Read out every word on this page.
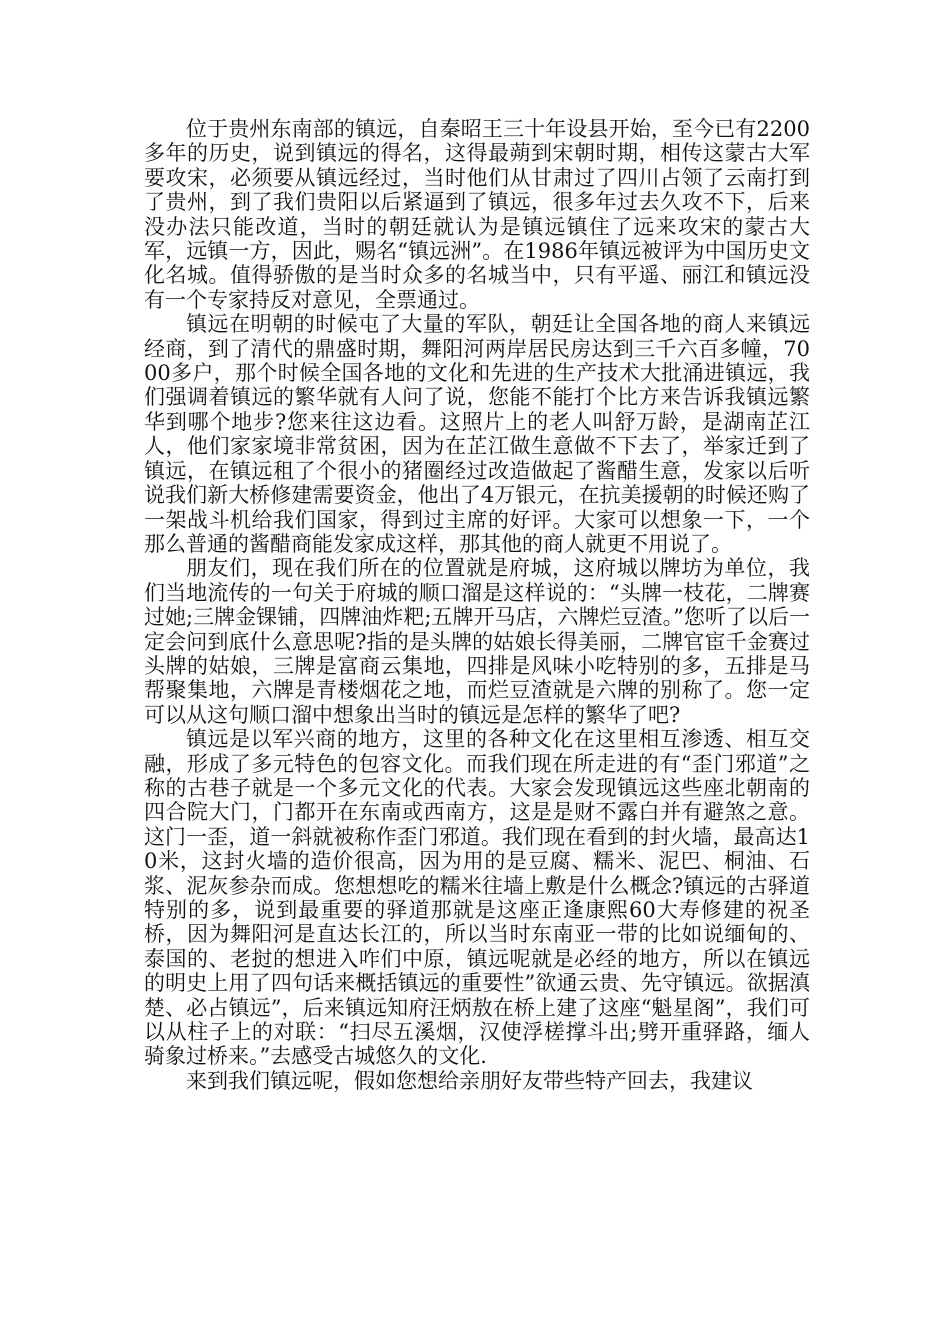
位于贵州东南部的镇远，自秦昭王三十年设县开始，至今已有2200多年的历史，说到镇远的得名，这得最蒴到宋朝时期，相传这蒙古大军要攻宋，必须要从镇远经过，当时他们从甘肃过了四川占领了云南打到了贵州，到了我们贵阳以后紧逼到了镇远，很多年过去久攻不下，后来没办法只能改道，当时的朝廷就认为是镇远镇住了远来攻宋的蒙古大军，远镇一方，因此，赐名“镇远洲”。在1986年镇远被评为中国历史文化名城。值得骄傲的是当时众多的名城当中，只有平遥、丽江和镇远没有一个专家持反对意见，全票通过。

镇远在明朝的时候屯了大量的军队，朝廷让全国各地的商人来镇远经商，到了清代的鼎盛时期，舞阳河两岸居民房达到三千六百多幢，7000多户，那个时候全国各地的文化和先进的生产技术大批涌进镇远，我们强调着镇远的繁华就有人问了说，您能不能打个比方来告诉我镇远繁华到哪个地步?您来往这边看。这照片上的老人叫舒万龄，是湖南芷江人，他们家家境非常贫困，因为在芷江做生意做不下去了，举家迁到了镇远，在镇远租了个很小的猪圈经过改造做起了酱醋生意，发家以后听说我们新大桥修建需要资金，他出了4万银元，在抗美援朝的时候还购了一架战斗机给我们国家，得到过主席的好评。大家可以想象一下，一个那么普通的酱醋商能发家成这样，那其他的商人就更不用说了。

朋友们，现在我们所在的位置就是府城，这府城以牌坊为单位，我们当地流传的一句关于府城的顺口溜是这样说的：“头牌一枝花，二牌赛过她;三牌金锞铺，四牌油炸粑;五牌开马店，六牌烂豆渣。”您听了以后一定会问到底什么意思呢?指的是头牌的姑娘长得美丽，二牌官宦千金赛过头牌的姑娘，三牌是富商云集地，四排是风味小吃特别的多，五排是马帮聚集地，六牌是青楼烟花之地，而烂豆渣就是六牌的别称了。您一定可以从这句顺口溜中想象出当时的镇远是怎样的繁华了吧?

镇远是以军兴商的地方，这里的各种文化在这里相互渗透、相互交融，形成了多元特色的包容文化。而我们现在所走进的有“歪门邪道”之称的古巷子就是一个多元文化的代表。大家会发现镇远这些座北朝南的四合院大门，门都开在东南或西南方，这是是财不露白并有避煞之意。这门一歪，道一斜就被称作歪门邪道。我们现在看到的封火墙，最高达10米，这封火墙的造价很高，因为用的是豆腐、糯米、泥巴、桐油、石浆、泥灰参杂而成。您想想吃的糯米往墙上敷是什么概念?镇远的古驿道特别的多，说到最重要的驿道那就是这座正逢康熙60大寿修建的祝圣桥，因为舞阳河是直达长江的，所以当时东南亚一带的比如说缅甸的、泰国的、老挝的想进入咋们中原，镇远呢就是必经的地方，所以在镇远的明史上用了四句话来概括镇远的重要性”欲通云贵、先守镇远。欲据滇楚、必占镇远”，后来镇远知府汪炳敖在桥上建了这座“魁星阁”，我们可以从柱子上的对联：“扫尽五溪烟，汉使浮槎撑斗出;劈开重驿路，缅人骑象过桥来。”去感受古城悠久的文化.

来到我们镇远呢，假如您想给亲朋好友带些特产回去，我建议
